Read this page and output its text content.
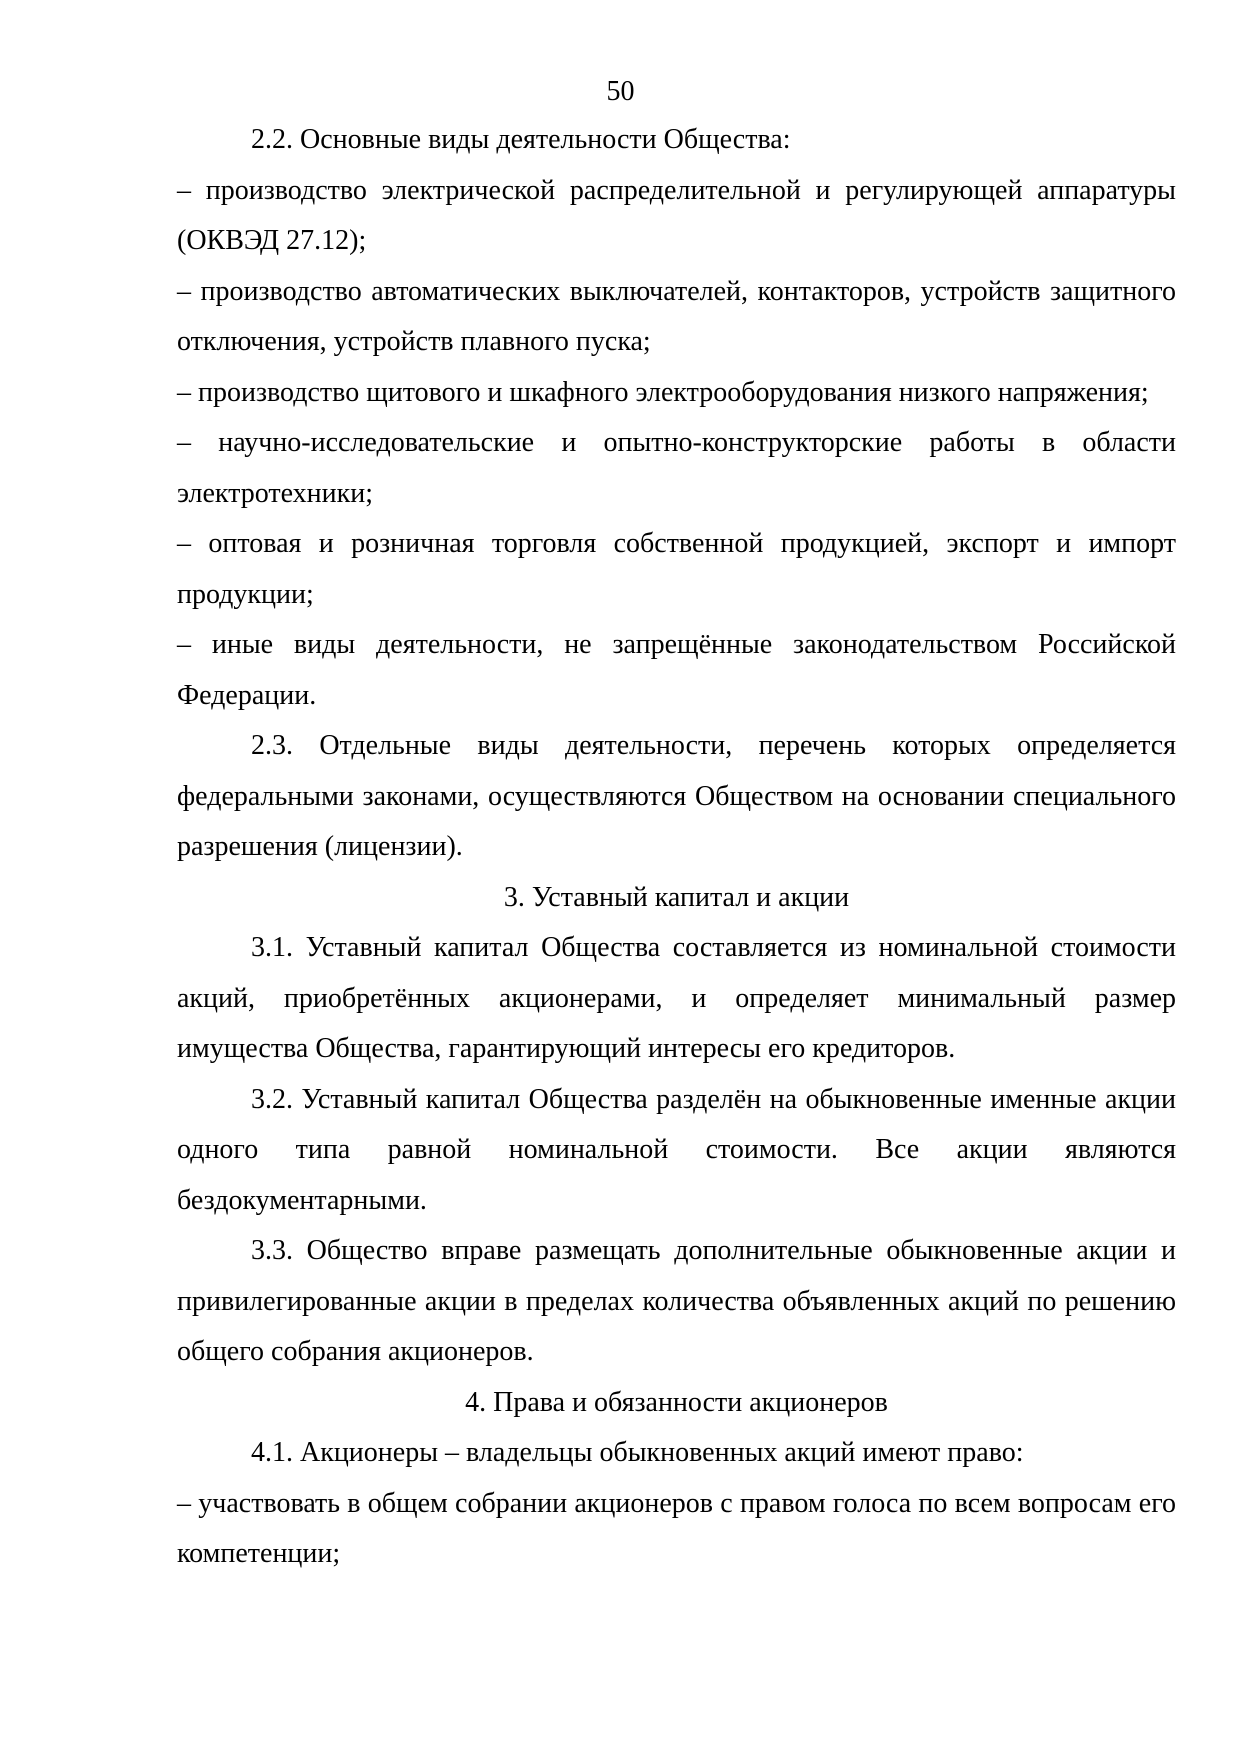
50

2.2. Основные виды деятельности Общества:

– производство электрической распределительной и регулирующей аппаратуры (ОКВЭД 27.12);

– производство автоматических выключателей, контакторов, устройств защитного отключения, устройств плавного пуска;

– производство щитового и шкафного электрооборудования низкого напряжения;

– научно-исследовательские и опытно-конструкторские работы в области электротехники;

– оптовая и розничная торговля собственной продукцией, экспорт и импорт продукции;

– иные виды деятельности, не запрещённые законодательством Российской Федерации.

2.3. Отдельные виды деятельности, перечень которых определяется федеральными законами, осуществляются Обществом на основании специального разрешения (лицензии).

3. Уставный капитал и акции

3.1. Уставный капитал Общества составляется из номинальной стоимости акций, приобретённых акционерами, и определяет минимальный размер имущества Общества, гарантирующий интересы его кредиторов.

3.2. Уставный капитал Общества разделён на обыкновенные именные акции одного типа равной номинальной стоимости. Все акции являются бездокументарными.

3.3. Общество вправе размещать дополнительные обыкновенные акции и привилегированные акции в пределах количества объявленных акций по решению общего собрания акционеров.

4. Права и обязанности акционеров

4.1. Акционеры – владельцы обыкновенных акций имеют право:

– участвовать в общем собрании акционеров с правом голоса по всем вопросам его компетенции;
